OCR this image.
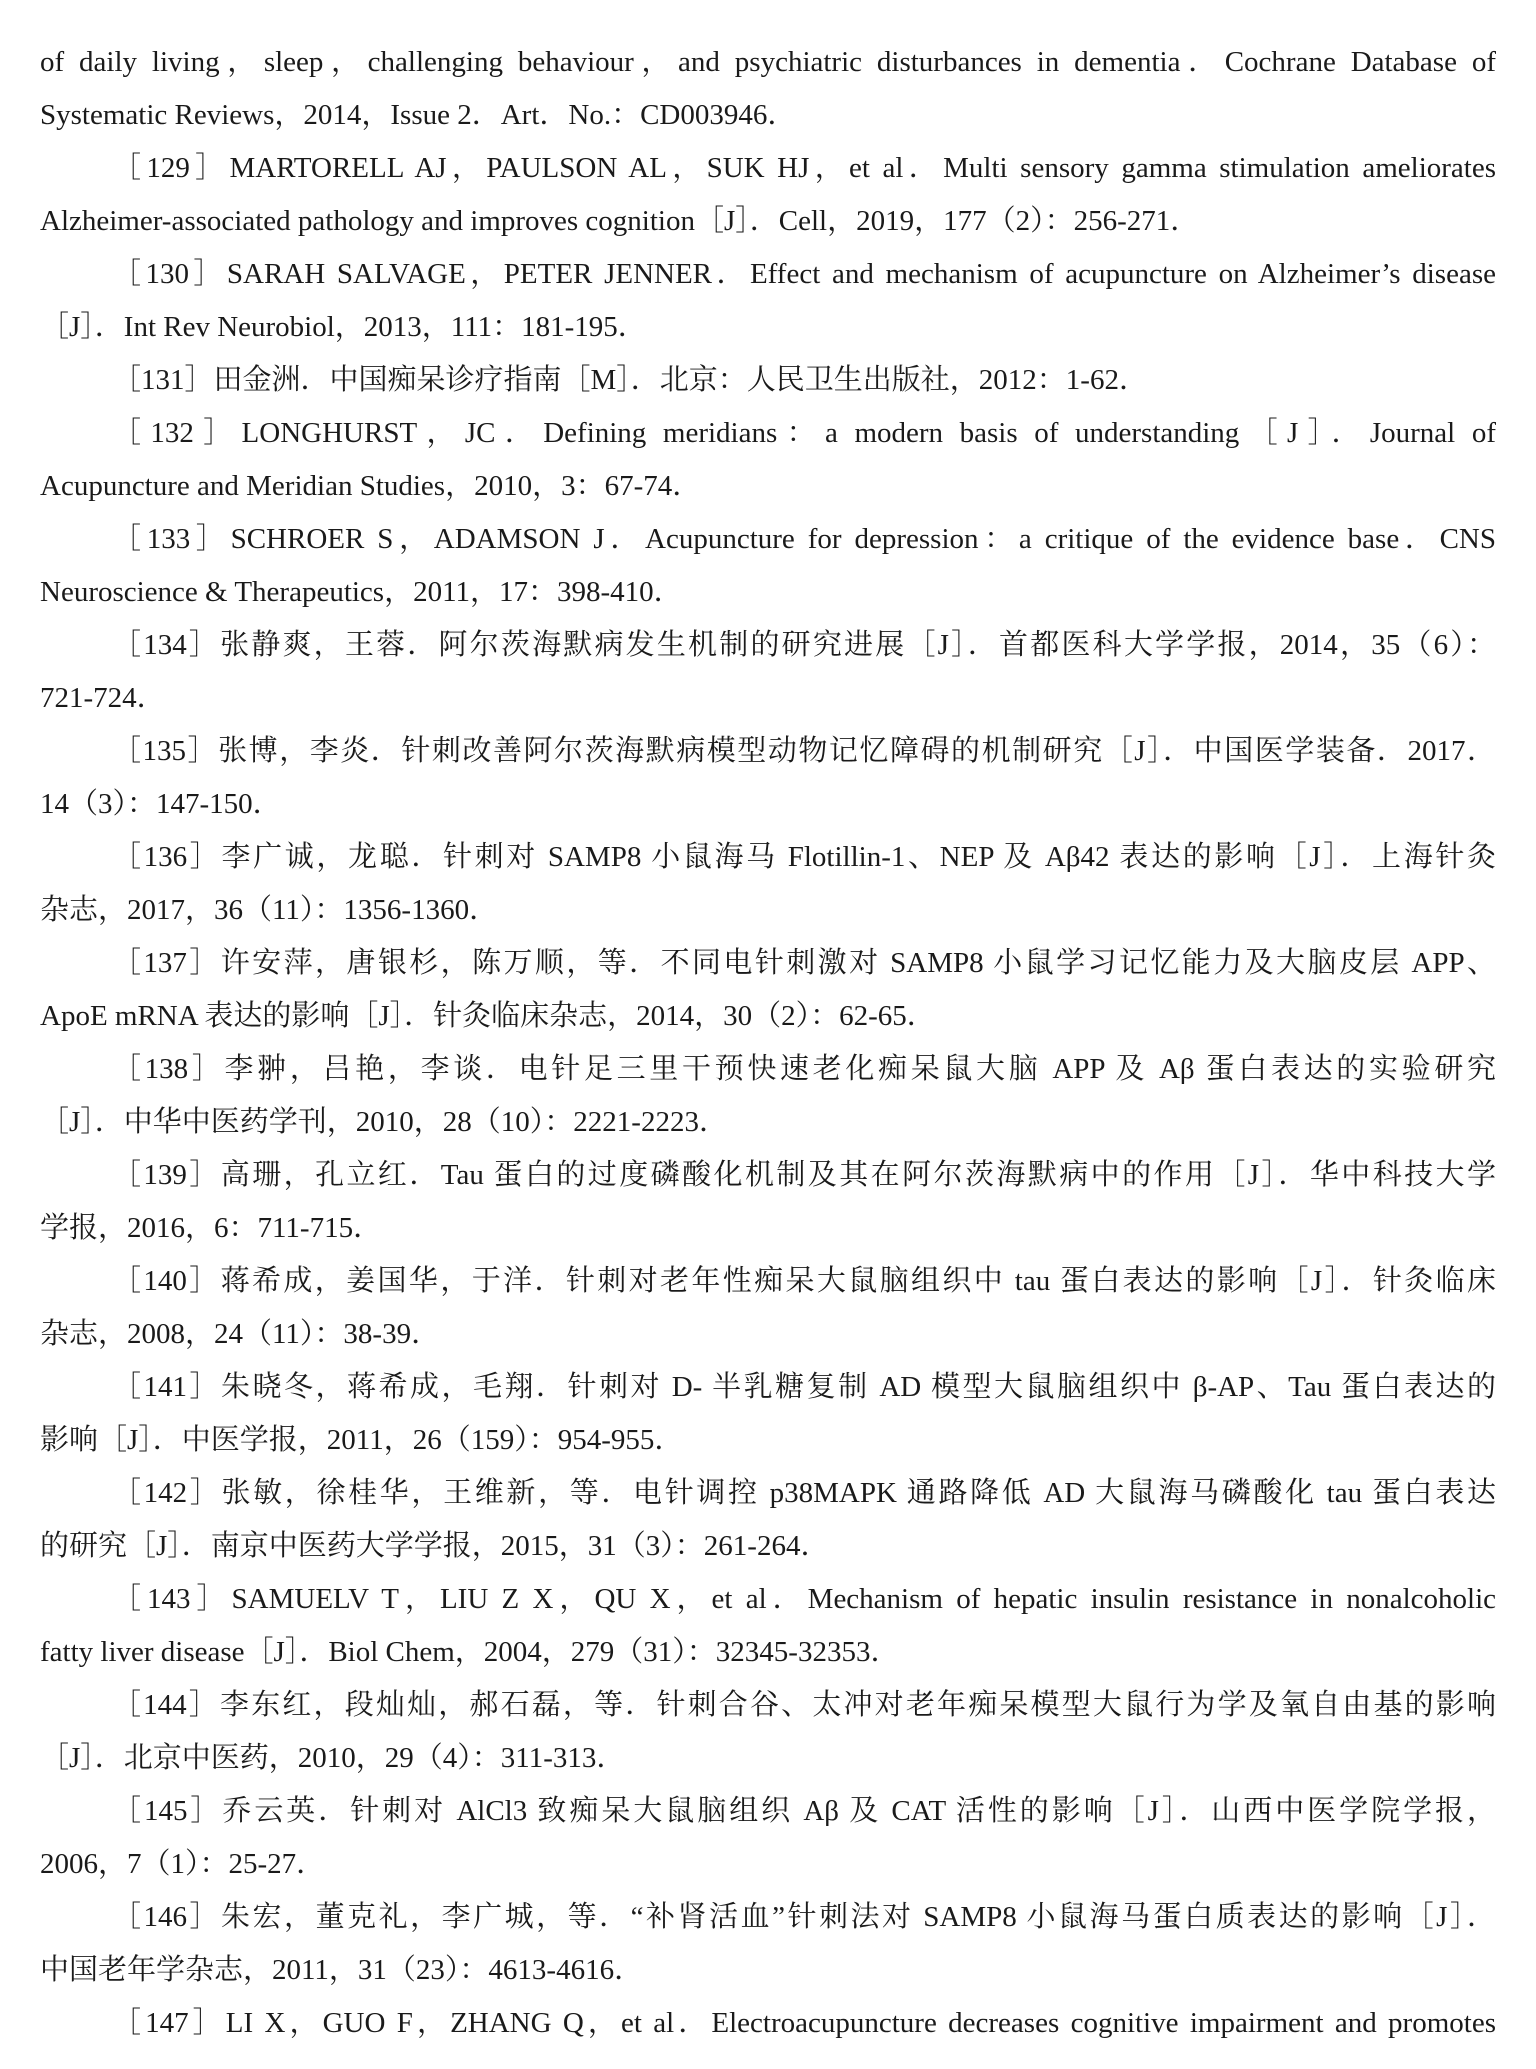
of daily living，sleep，challenging behaviour，and psychiatric disturbances in dementia．Cochrane Database of
Systematic Reviews，2014，Issue 2．Art．No.：CD003946．
［129］MARTORELL AJ，PAULSON AL，SUK HJ，et al．Multi sensory gamma stimulation ameliorates
Alzheimer-associated pathology and improves cognition［J］．Cell，2019，177（2）：256-271．
［130］SARAH SALVAGE，PETER JENNER．Effect and mechanism of acupuncture on Alzheimer’s disease
［J］．Int Rev Neurobiol，2013，111：181-195．
［131］田金洲．中国痴呆诊疗指南［M］．北京：人民卫生出版社，2012：1-62．
［132］LONGHURST，JC．Defining meridians：a modern basis of understanding［J］．Journal of
Acupuncture and Meridian Studies，2010，3：67-74．
［133］SCHROER S，ADAMSON J．Acupuncture for depression：a critique of the evidence base．CNS
Neuroscience & Therapeutics，2011，17：398-410．
［134］张静爽，王蓉．阿尔茨海默病发生机制的研究进展［J］．首都医科大学学报，2014，35（6）：
721-724．
［135］张博，李炎．针刺改善阿尔茨海默病模型动物记忆障碍的机制研究［J］．中国医学装备．2017．
14（3）：147-150．
［136］李广诚，龙聪．针刺对 SAMP8 小鼠海马 Flotillin-1、NEP 及 Aβ42 表达的影响［J］．上海针灸
杂志，2017，36（11）：1356-1360．
［137］许安萍，唐银杉，陈万顺，等．不同电针刺激对 SAMP8 小鼠学习记忆能力及大脑皮层 APP、
ApoE mRNA 表达的影响［J］．针灸临床杂志，2014，30（2）：62-65．
［138］李翀，吕艳，李谈．电针足三里干预快速老化痴呆鼠大脑 APP 及 Aβ 蛋白表达的实验研究
［J］．中华中医药学刊，2010，28（10）：2221-2223．
［139］高珊，孔立红．Tau 蛋白的过度磷酸化机制及其在阿尔茨海默病中的作用［J］．华中科技大学
学报，2016，6：711-715．
［140］蒋希成，姜国华，于洋．针刺对老年性痴呆大鼠脑组织中 tau 蛋白表达的影响［J］．针灸临床
杂志，2008，24（11）：38-39．
［141］朱晓冬，蒋希成，毛翔．针刺对 D- 半乳糖复制 AD 模型大鼠脑组织中 β-AP、Tau 蛋白表达的
影响［J］．中医学报，2011，26（159）：954-955．
［142］张敏，徐桂华，王维新，等．电针调控 p38MAPK 通路降低 AD 大鼠海马磷酸化 tau 蛋白表达
的研究［J］．南京中医药大学学报，2015，31（3）：261-264．
［143］SAMUELV T，LIU Z X，QU X，et al．Mechanism of hepatic insulin resistance in nonalcoholic
fatty liver disease［J］．Biol Chem，2004，279（31）：32345-32353．
［144］李东红，段灿灿，郝石磊，等．针刺合谷、太冲对老年痴呆模型大鼠行为学及氧自由基的影响
［J］．北京中医药，2010，29（4）：311-313．
［145］乔云英．针刺对 AlCl3 致痴呆大鼠脑组织 Aβ 及 CAT 活性的影响［J］．山西中医学院学报，
2006，7（1）：25-27．
［146］朱宏，董克礼，李广城，等．“补肾活血”针刺法对 SAMP8 小鼠海马蛋白质表达的影响［J］．
中国老年学杂志，2011，31（23）：4613-4616．
［147］LI X，GUO F，ZHANG Q，et al．Electroacupuncture decreases cognitive impairment and promotes
